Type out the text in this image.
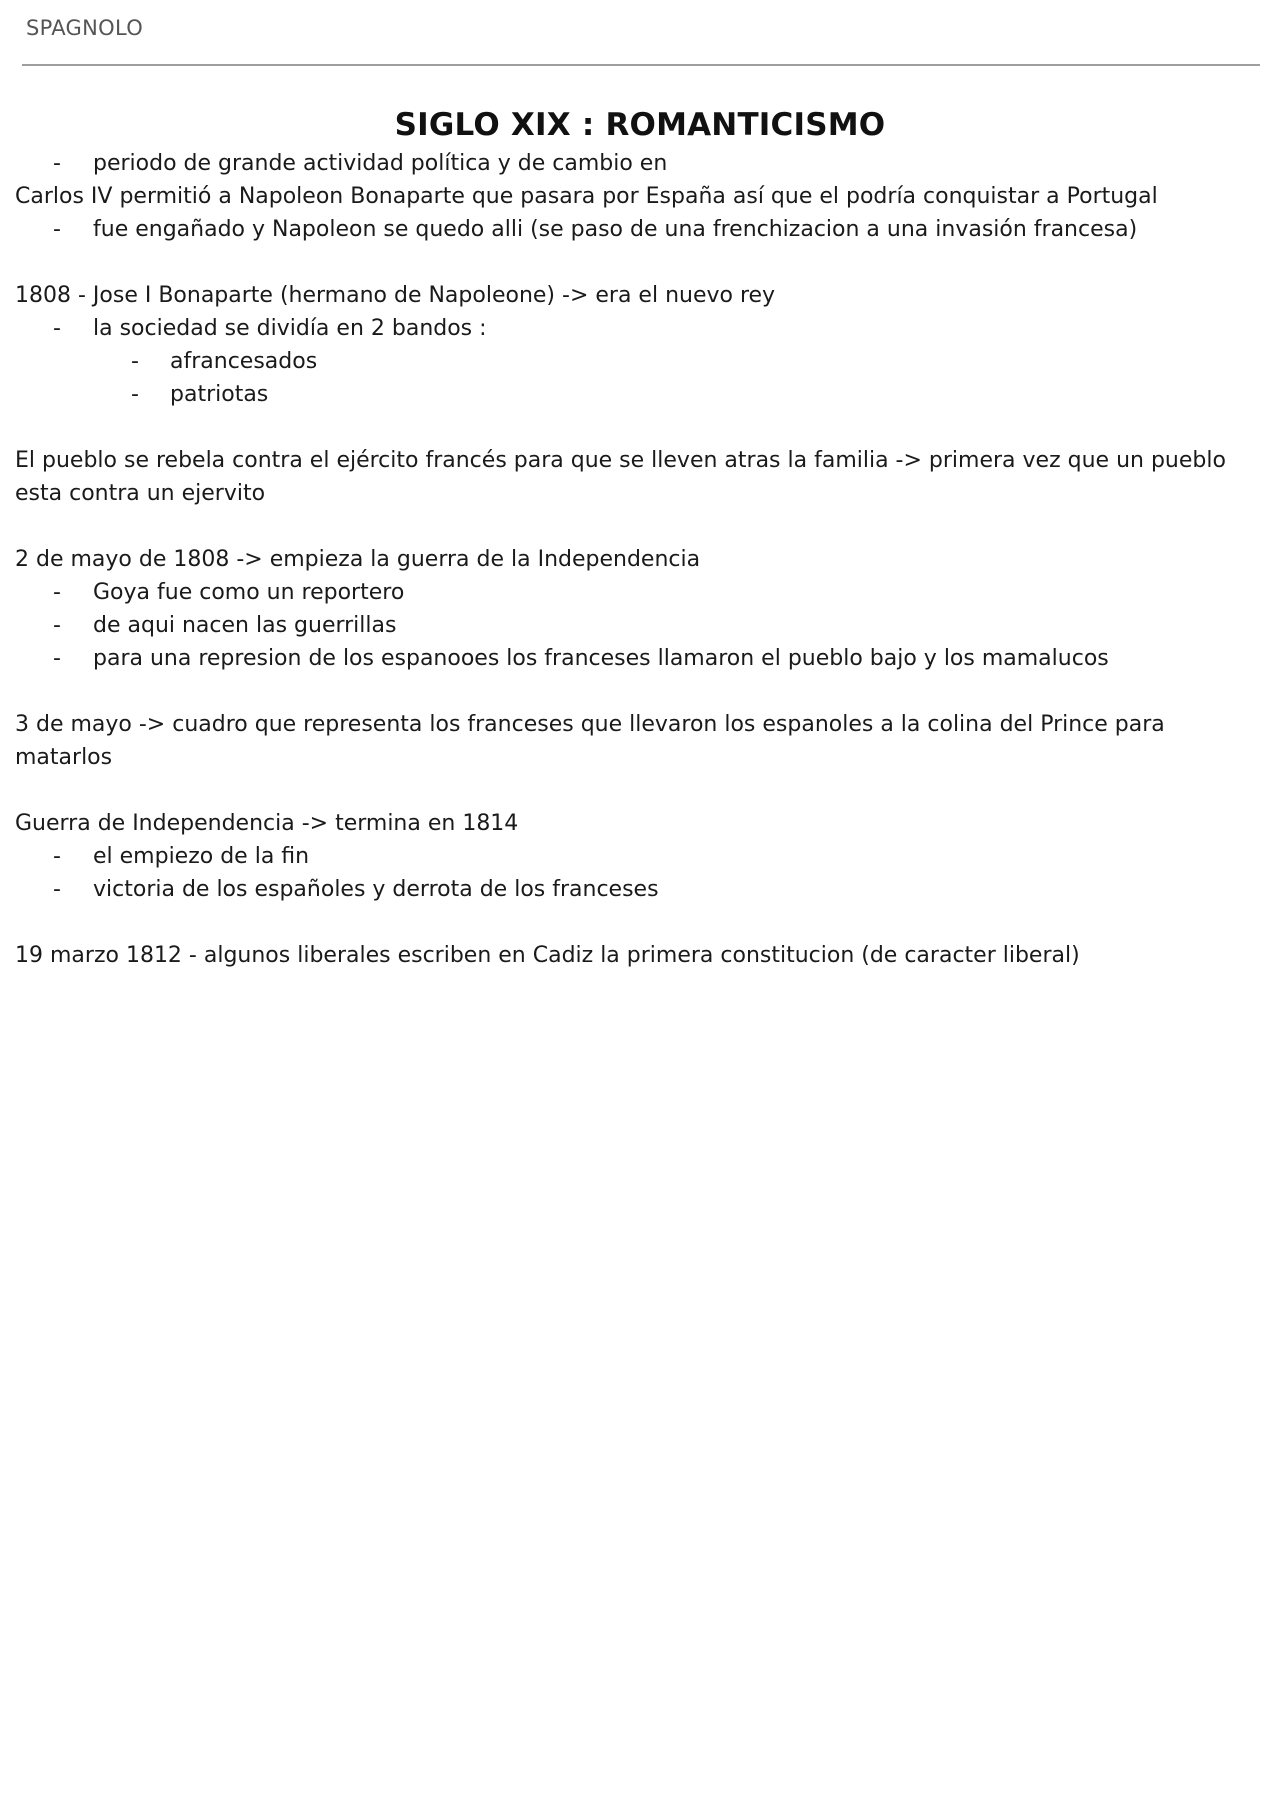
SPAGNOLO
SIGLO XIX : ROMANTICISMO
- periodo de grande actividad política y de cambio en
Carlos IV permitió a Napoleon Bonaparte que pasara por España así que el podría conquistar a Portugal
- fue engañado y Napoleon se quedo alli (se paso de una frenchizacion a una invasión francesa)
1808 - Jose I Bonaparte (hermano de Napoleone) -> era el nuevo rey
- la sociedad se dividía en 2 bandos :
- afrancesados
- patriotas
El pueblo se rebela contra el ejército francés para que se lleven atras la familia -> primera vez que un pueblo esta contra un ejervito
2 de mayo de 1808 -> empieza la guerra de la Independencia
- Goya fue como un reportero
- de aqui nacen las guerrillas
- para una represion de los espanooes los franceses llamaron el pueblo bajo y los mamalucos
3 de mayo -> cuadro que representa los franceses que llevaron los espanoles a la colina del Prince para matarlos
Guerra de Independencia -> termina en 1814
- el empiezo de la fin
- victoria de los españoles y derrota de los franceses
19 marzo 1812 - algunos liberales escriben en Cadiz la primera constitucion (de caracter liberal)
